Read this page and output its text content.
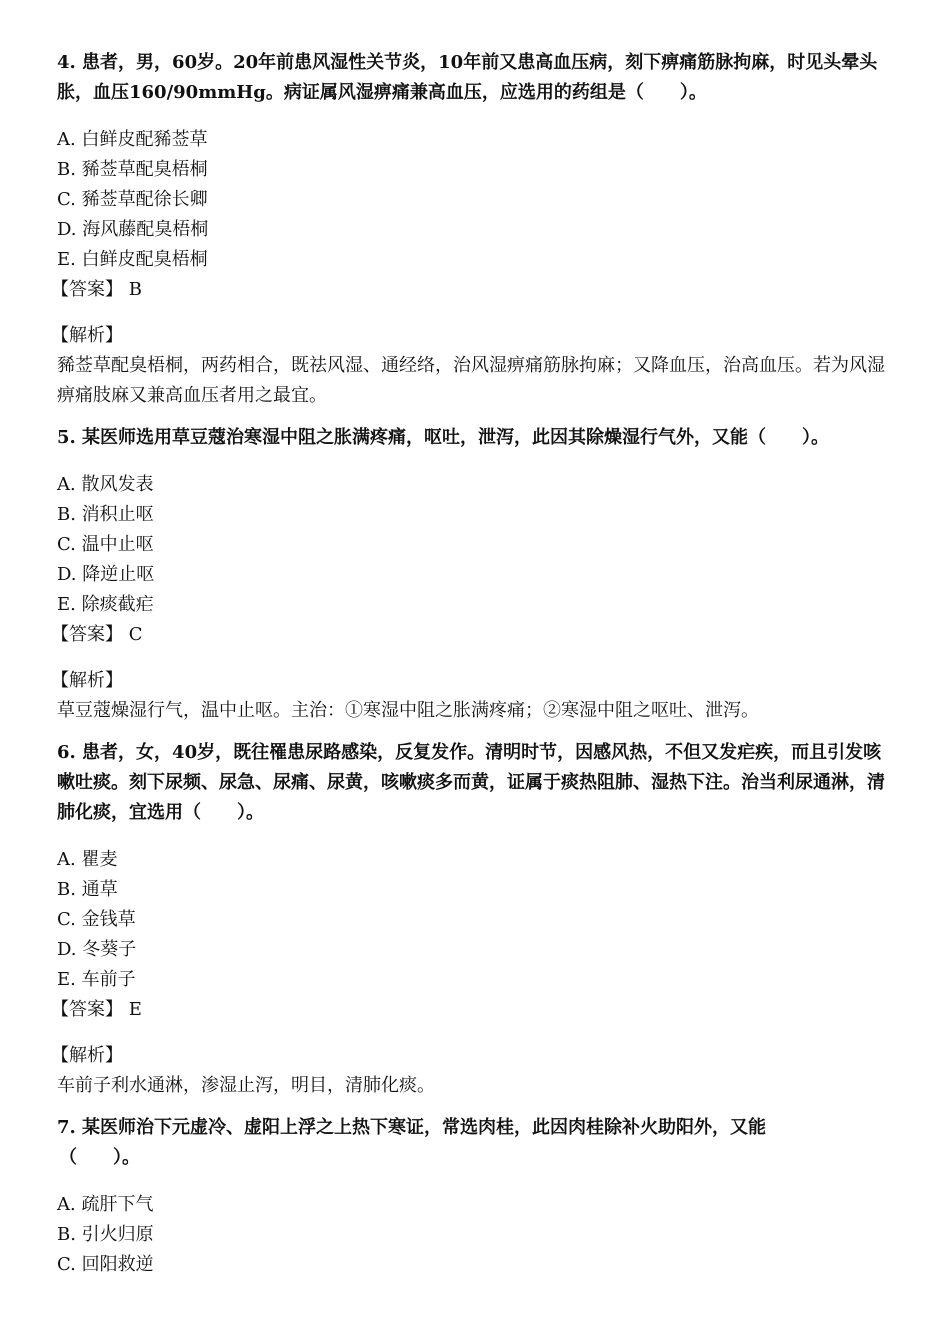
4. 患者，男，60岁。20年前患风湿性关节炎，10年前又患高血压病，刻下痹痛筋脉拘麻，时见头晕头胀，血压160/90mmHg。病证属风湿痹痛兼高血压，应选用的药组是（　　）。

A. 白鲜皮配豨莶草
B. 豨莶草配臭梧桐
C. 豨莶草配徐长卿
D. 海风藤配臭梧桐
E. 白鲜皮配臭梧桐
【答案】 B
【解析】

豨莶草配臭梧桐，两药相合，既祛风湿、通经络，治风湿痹痛筋脉拘麻；又降血压，治高血压。若为风湿痹痛肢麻又兼高血压者用之最宜。

5. 某医师选用草豆蔻治寒湿中阻之胀满疼痛，呕吐，泄泻，此因其除燥湿行气外，又能（　　）。

A. 散风发表
B. 消积止呕
C. 温中止呕
D. 降逆止呕
E. 除痰截疟
【答案】 C
【解析】

草豆蔻燥湿行气，温中止呕。主治：①寒湿中阻之胀满疼痛；②寒湿中阻之呕吐、泄泻。

6. 患者，女，40岁，既往罹患尿路感染，反复发作。清明时节，因感风热，不但又发疟疾，而且引发咳嗽吐痰。刻下尿频、尿急、尿痛、尿黄，咳嗽痰多而黄，证属于痰热阻肺、湿热下注。治当利尿通淋，清肺化痰，宜选用（　　）。

A. 瞿麦
B. 通草
C. 金钱草
D. 冬葵子
E. 车前子
【答案】 E
【解析】

车前子利水通淋，渗湿止泻，明目，清肺化痰。

7. 某医师治下元虚冷、虚阳上浮之上热下寒证，常选肉桂，此因肉桂除补火助阳外，又能
（　　）。
A. 疏肝下气
B. 引火归原
C. 回阳救逆
